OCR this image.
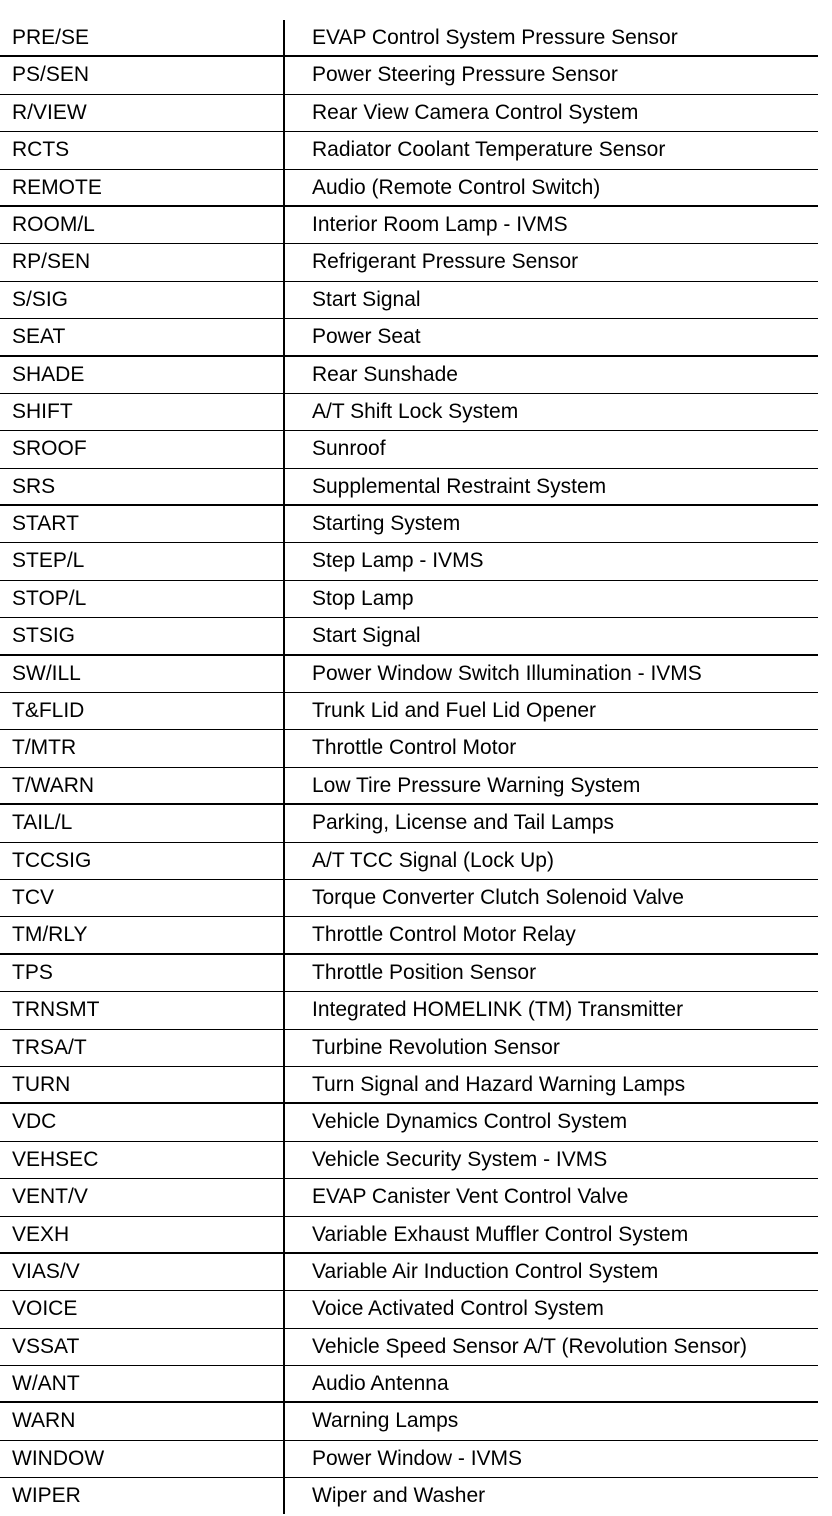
PRE/SE	EVAP Control System Pressure Sensor
PS/SEN	Power Steering Pressure Sensor
R/VIEW	Rear View Camera Control System
RCTS	Radiator Coolant Temperature Sensor
REMOTE	Audio (Remote Control Switch)
ROOM/L	Interior Room Lamp - IVMS
RP/SEN	Refrigerant Pressure Sensor
S/SIG	Start Signal
SEAT	Power Seat
SHADE	Rear Sunshade
SHIFT	A/T Shift Lock System
SROOF	Sunroof
SRS	Supplemental Restraint System
START	Starting System
STEP/L	Step Lamp - IVMS
STOP/L	Stop Lamp
STSIG	Start Signal
SW/ILL	Power Window Switch Illumination - IVMS
T&FLID	Trunk Lid and Fuel Lid Opener
T/MTR	Throttle Control Motor
T/WARN	Low Tire Pressure Warning System
TAIL/L	Parking, License and Tail Lamps
TCCSIG	A/T TCC Signal (Lock Up)
TCV	Torque Converter Clutch Solenoid Valve
TM/RLY	Throttle Control Motor Relay
TPS	Throttle Position Sensor
TRNSMT	Integrated HOMELINK (TM) Transmitter
TRSA/T	Turbine Revolution Sensor
TURN	Turn Signal and Hazard Warning Lamps
VDC	Vehicle Dynamics Control System
VEHSEC	Vehicle Security System - IVMS
VENT/V	EVAP Canister Vent Control Valve
VEXH	Variable Exhaust Muffler Control System
VIAS/V	Variable Air Induction Control System
VOICE	Voice Activated Control System
VSSAT	Vehicle Speed Sensor A/T (Revolution Sensor)
W/ANT	Audio Antenna
WARN	Warning Lamps
WINDOW	Power Window - IVMS
WIPER	Wiper and Washer
